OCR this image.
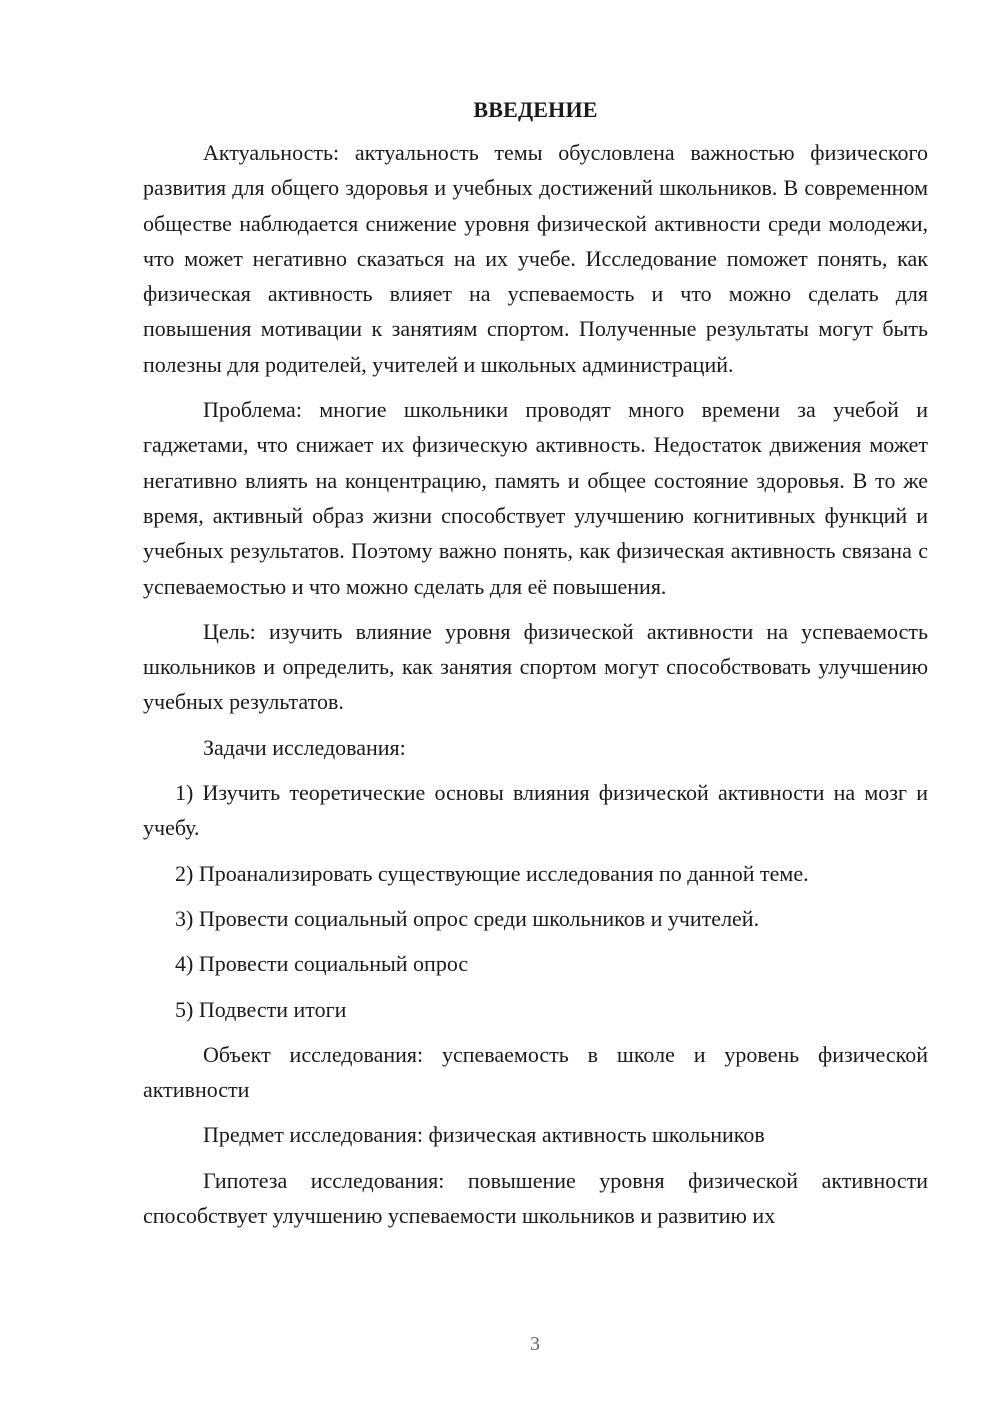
ВВЕДЕНИЕ

Актуальность: актуальность темы обусловлена важностью физического развития для общего здоровья и учебных достижений школьников. В современном обществе наблюдается снижение уровня физической активности среди молодежи, что может негативно сказаться на их учебе. Исследование поможет понять, как физическая активность влияет на успеваемость и что можно сделать для повышения мотивации к занятиям спортом. Полученные результаты могут быть полезны для родителей, учителей и школьных администраций.

Проблема: многие школьники проводят много времени за учебой и гаджетами, что снижает их физическую активность. Недостаток движения может негативно влиять на концентрацию, память и общее состояние здоровья. В то же время, активный образ жизни способствует улучшению когнитивных функций и учебных результатов. Поэтому важно понять, как физическая активность связана с успеваемостью и что можно сделать для её повышения.

Цель: изучить влияние уровня физической активности на успеваемость школьников и определить, как занятия спортом могут способствовать улучшению учебных результатов.

Задачи исследования:

1) Изучить теоретические основы влияния физической активности на мозг и учебу.

2) Проанализировать существующие исследования по данной теме.

3) Провести социальный опрос среди школьников и учителей.

4) Провести социальный опрос

5) Подвести итоги

Объект исследования: успеваемость в школе и уровень физической активности

Предмет исследования: физическая активность школьников

Гипотеза исследования: повышение уровня физической активности способствует улучшению успеваемости школьников и развитию их

3
